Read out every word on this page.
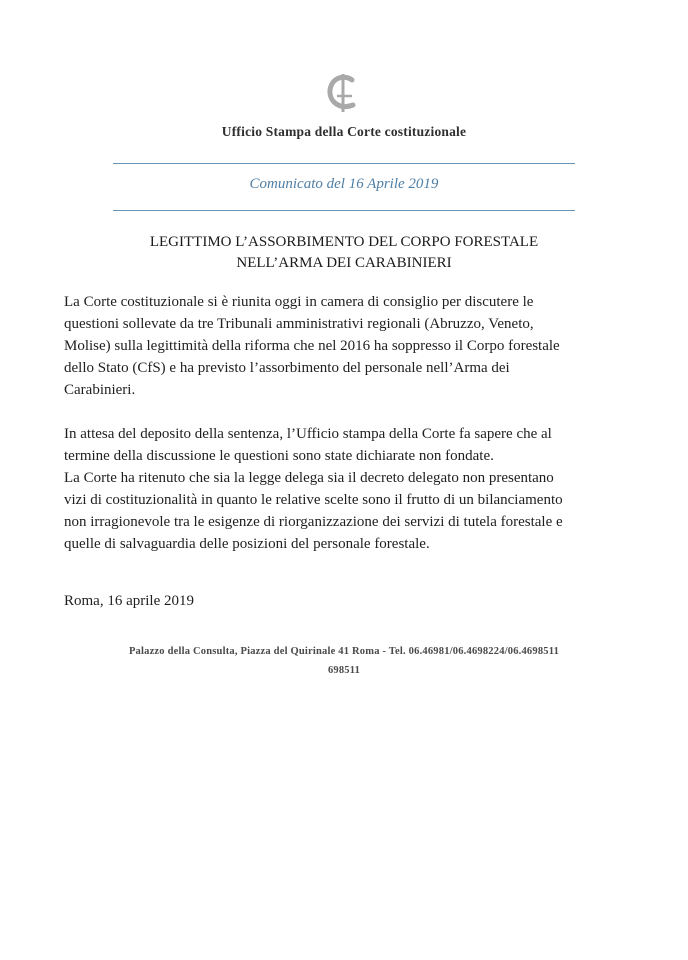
Ufficio Stampa della Corte costituzionale
Comunicato del 16 Aprile 2019
LEGITTIMO L’ASSORBIMENTO DEL CORPO FORESTALE
NELL’ARMA DEI CARABINIERI
La Corte costituzionale si è riunita oggi in camera di consiglio per discutere le
questioni sollevate da tre Tribunali amministrativi regionali (Abruzzo, Veneto,
Molise) sulla legittimità della riforma che nel 2016 ha soppresso il Corpo forestale
dello Stato (CfS) e ha previsto l’assorbimento del personale nell’Arma dei
Carabinieri.
In attesa del deposito della sentenza, l’Ufficio stampa della Corte fa sapere che al
termine della discussione le questioni sono state dichiarate non fondate.
La Corte ha ritenuto che sia la legge delega sia il decreto delegato non presentano
vizi di costituzionalità in quanto le relative scelte sono il frutto di un bilanciamento
non irragionevole tra le esigenze di riorganizzazione dei servizi di tutela forestale e
quelle di salvaguardia delle posizioni del personale forestale.
Roma, 16 aprile 2019
Palazzo della Consulta, Piazza del Quirinale 41 Roma - Tel. 06.46981/06.4698224/06.4698511
698511
